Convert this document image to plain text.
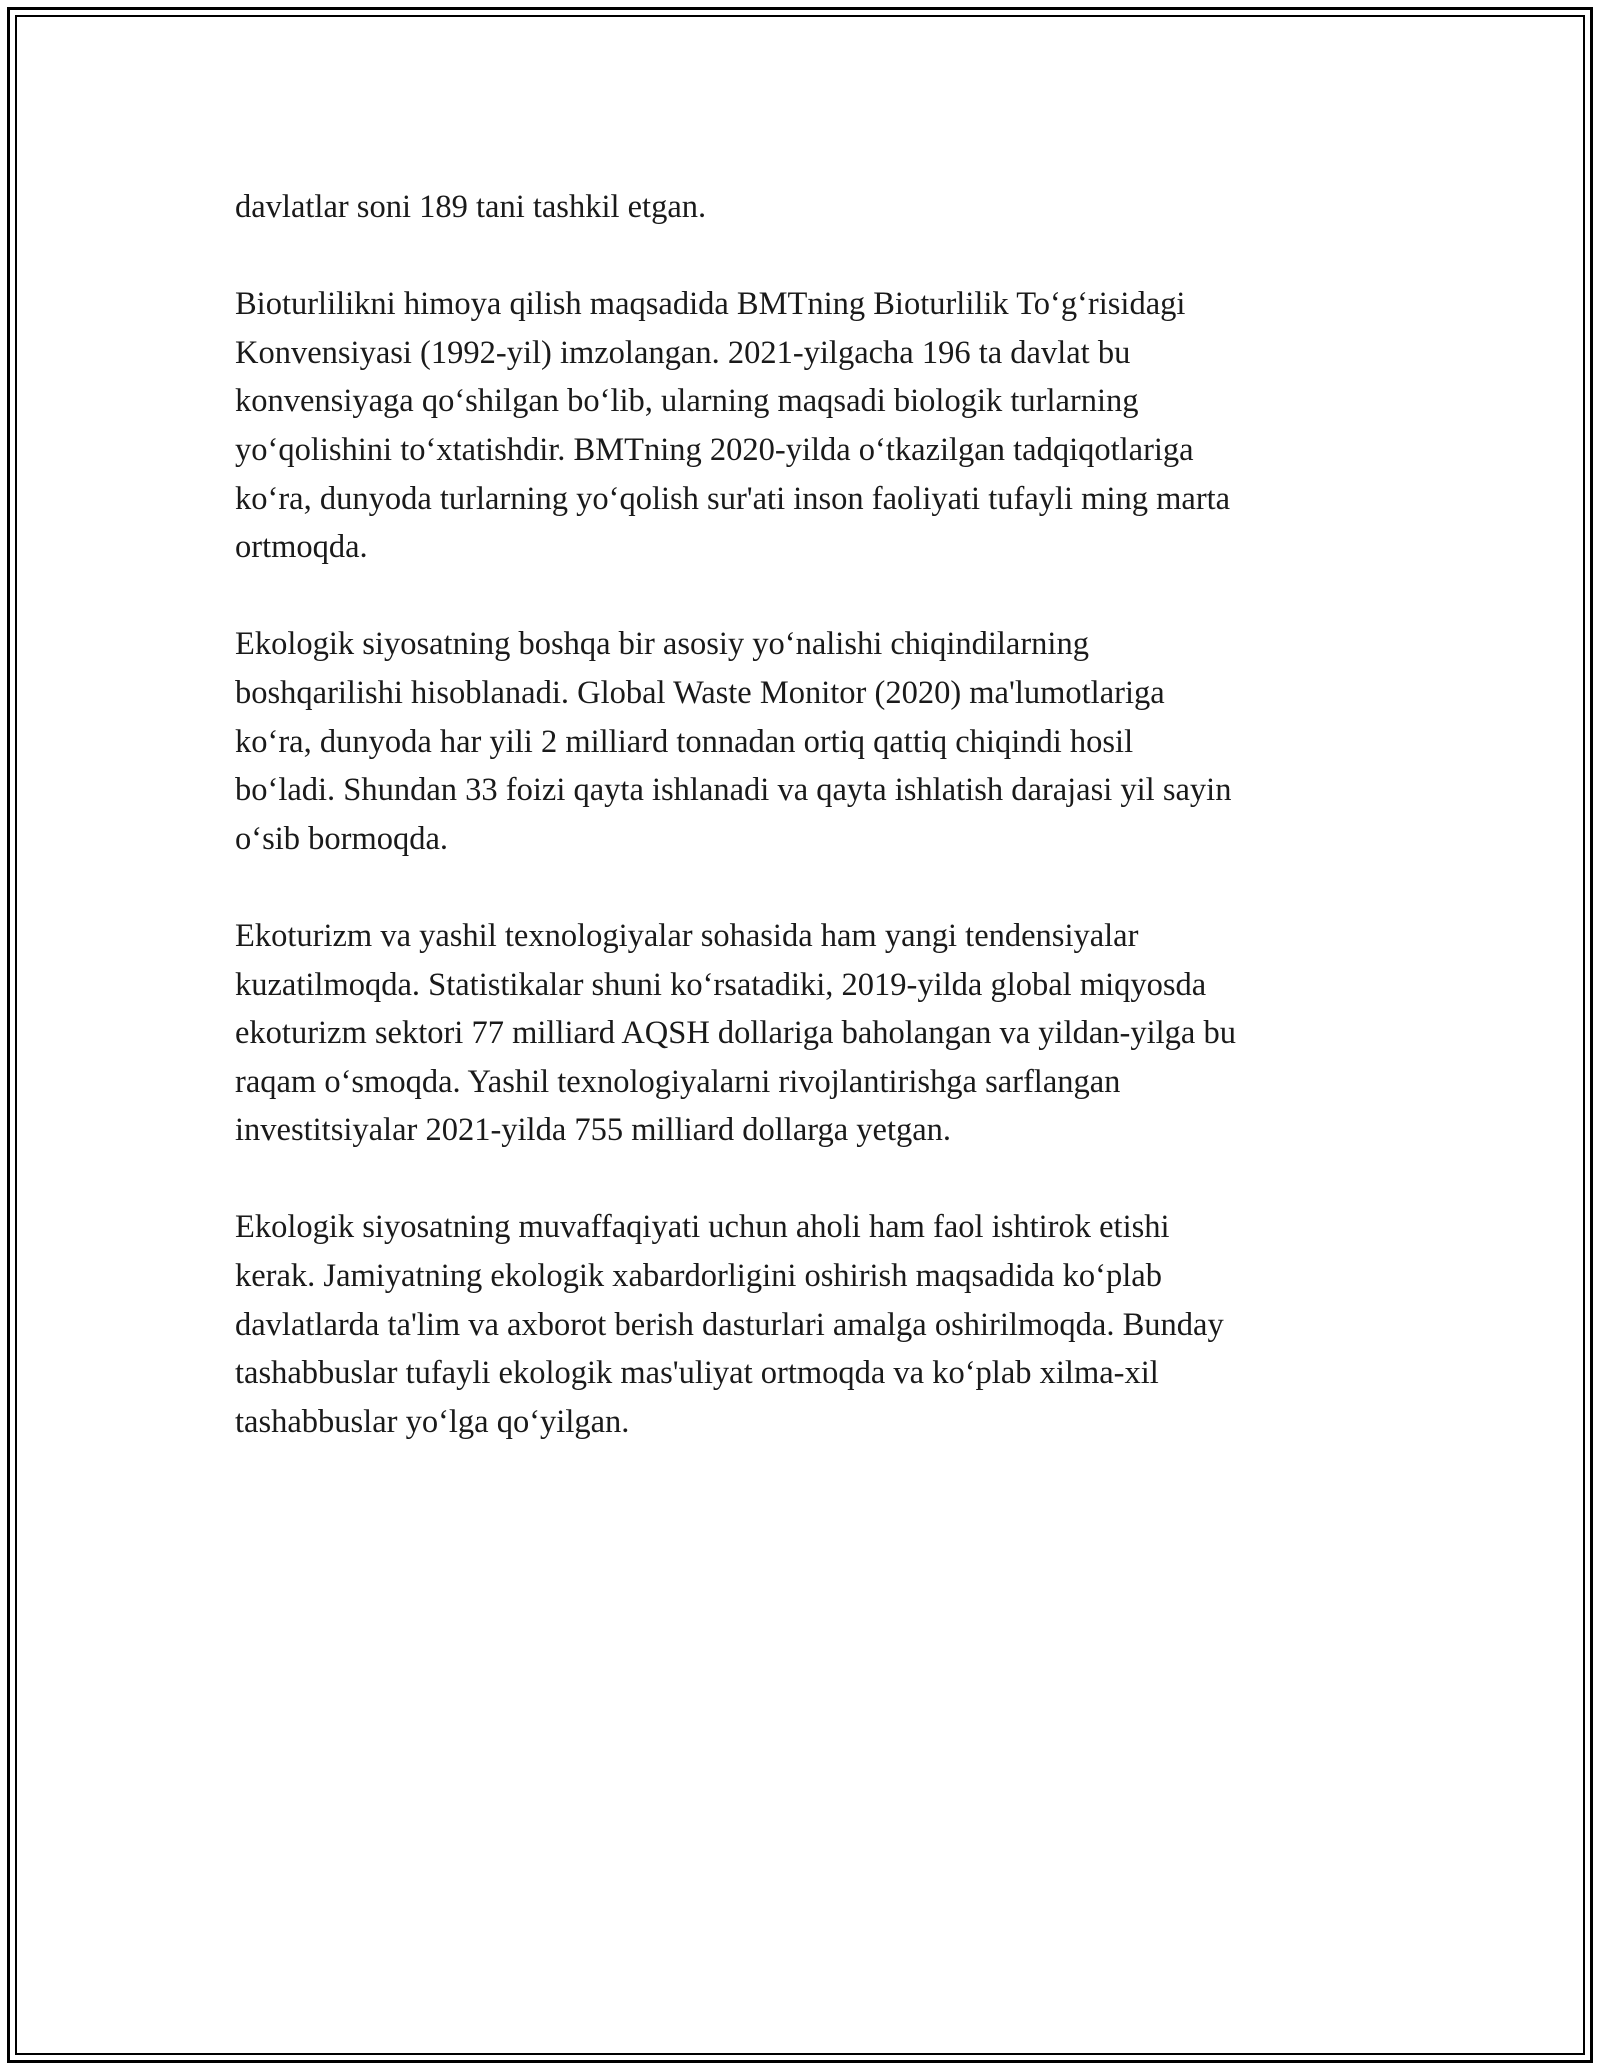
davlatlar soni 189 tani tashkil etgan.

Bioturlilikni himoya qilish maqsadida BMTning Bioturlilik To‘g‘risidagi
Konvensiyasi (1992-yil) imzolangan. 2021-yilgacha 196 ta davlat bu
konvensiyaga qo‘shilgan bo‘lib, ularning maqsadi biologik turlarning
yo‘qolishini to‘xtatishdir. BMTning 2020-yilda o‘tkazilgan tadqiqotlariga
ko‘ra, dunyoda turlarning yo‘qolish sur'ati inson faoliyati tufayli ming marta
ortmoqda.

Ekologik siyosatning boshqa bir asosiy yo‘nalishi chiqindilarning
boshqarilishi hisoblanadi. Global Waste Monitor (2020) ma'lumotlariga
ko‘ra, dunyoda har yili 2 milliard tonnadan ortiq qattiq chiqindi hosil
bo‘ladi. Shundan 33 foizi qayta ishlanadi va qayta ishlatish darajasi yil sayin
o‘sib bormoqda.

Ekoturizm va yashil texnologiyalar sohasida ham yangi tendensiyalar
kuzatilmoqda. Statistikalar shuni ko‘rsatadiki, 2019-yilda global miqyosda
ekoturizm sektori 77 milliard AQSH dollariga baholangan va yildan-yilga bu
raqam o‘smoqda. Yashil texnologiyalarni rivojlantirishga sarflangan
investitsiyalar 2021-yilda 755 milliard dollarga yetgan.

Ekologik siyosatning muvaffaqiyati uchun aholi ham faol ishtirok etishi
kerak. Jamiyatning ekologik xabardorligini oshirish maqsadida ko‘plab
davlatlarda ta'lim va axborot berish dasturlari amalga oshirilmoqda. Bunday
tashabbuslar tufayli ekologik mas'uliyat ortmoqda va ko‘plab xilma-xil
tashabbuslar yo‘lga qo‘yilgan.
